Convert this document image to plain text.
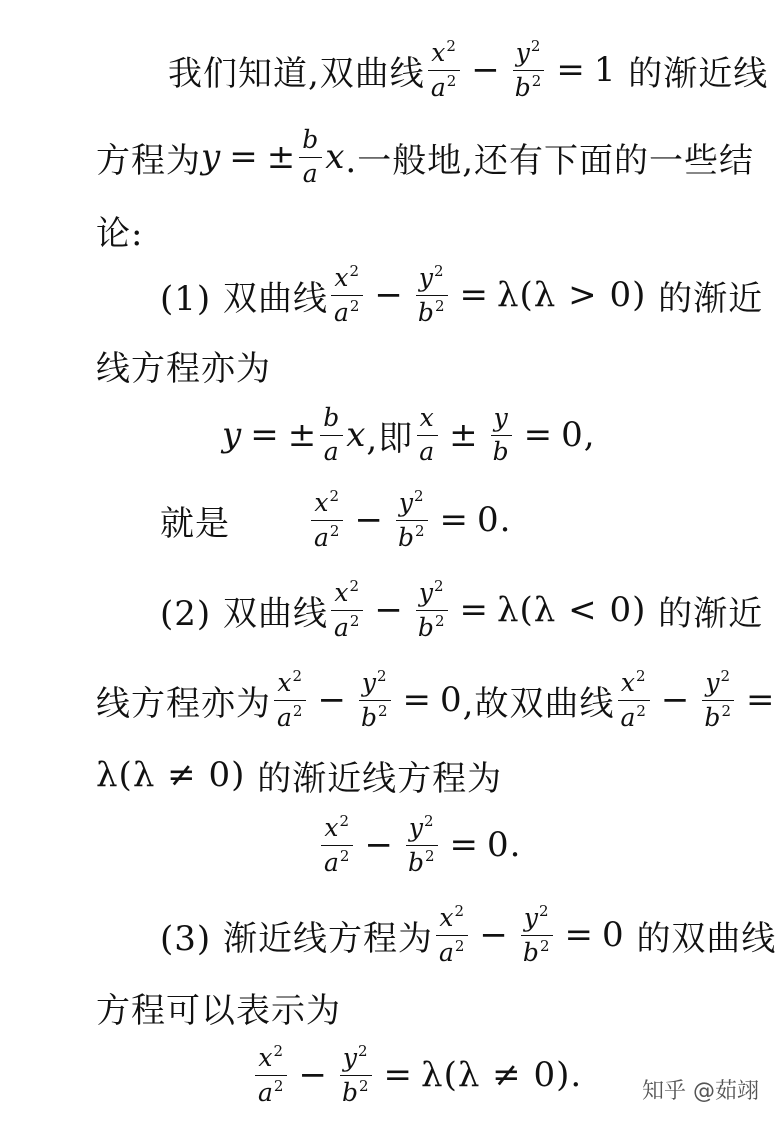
我们知道,双曲线 $\frac{x^2}{a^2} - \frac{y^2}{b^2} = 1$
的渐近线
方程为 y = ± $\frac{b}{a}$ x .一般地,还有下面的一些结
论:
(1) 双曲线 $\frac{x^2}{a^2} - \frac{y^2}{b^2} = \lambda(\lambda > 0)$
的渐近
线方程亦为
y = ± $\frac{b}{a}$ x ,即 $\frac{x}{a} \pm \frac{y}{b} = 0$,
就是	$\frac{x^2}{a^2} - \frac{y^2}{b^2} = 0$.
(2) 双曲线 $\frac{x^2}{a^2} - \frac{y^2}{b^2} = \lambda(\lambda < 0)$
的渐近
线方程亦为 $\frac{x^2}{a^2} - \frac{y^2}{b^2} = 0$ ,故双曲线 $\frac{x^2}{a^2} - \frac{y^2}{b^2}$ =
λ(λ ≠ 0)
的渐近线方程为
$\frac{x^2}{a^2} - \frac{y^2}{b^2} = 0$.
(3) 渐近线方程为 $\frac{x^2}{a^2} - \frac{y^2}{b^2} = 0$
的双曲线
方程可以表示为
$\frac{x^2}{a^2} - \frac{y^2}{b^2} = \lambda(\lambda \ne 0)$.	知乎 @茹翊
